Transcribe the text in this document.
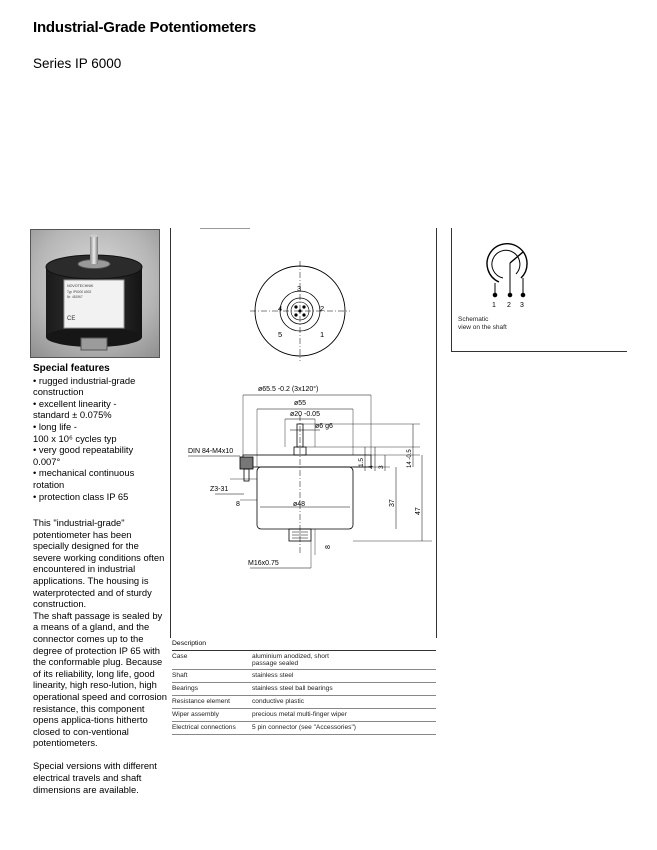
Industrial-Grade Potentiometers
Series IP 6000
NOVOTECHNIK
Typ IP6000 A502
Nr. 481967
CE
Special features
• rugged industrial-grade
construction
• excellent linearity -
standard ± 0.075%
• long life -
100 x 10⁶ cycles typ
• very good repeatability
0.007°
• mechanical continuous
rotation
• protection class IP 65

This "industrial-grade" potentiometer has been specially designed for the severe working conditions often encountered in industrial applications. The housing is waterprotected and of sturdy construction.

The shaft passage is sealed by a means of a gland, and the connector comes up to the degree of protection IP 65 with the conformable plug. Because of its reliability, long life, good linearity, high reso-lution, high operational speed and corrosion resistance, this component opens applica-tions hitherto closed to con-ventional potentiometers.

Special versions with different electrical travels and shaft dimensions are available.

4
3
2
5	1
ø65.5 -0.2 (3x120°)
ø55
ø20 -0.05
ø6 g6
ø48
DIN 84-M4x10
Z3-31
8
M16x0.75
8
1.5
4 3	14 -0.5
37
47
1 2 3
Schematic
view on the shaft
Description
Case	aluminium anodized, short passage sealed
Shaft	stainless steel
Bearings	stainless steel ball bearings
Resistance element	conductive plastic
Wiper assembly	precious metal multi-finger wiper
Electrical connections	5 pin connector (see "Accessories")
